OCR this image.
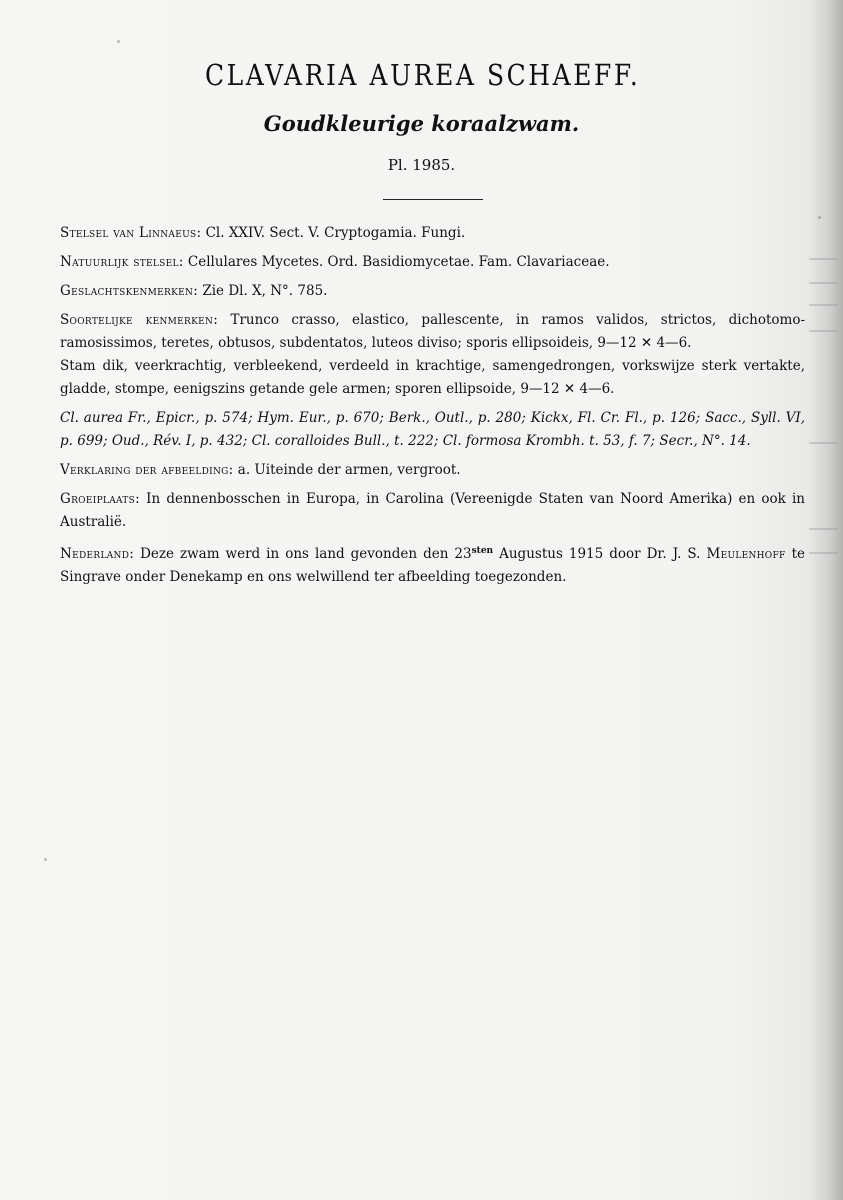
CLAVARIA AUREA SCHAEFF.
Goudkleurige koraalzwam.
Pl. 1985.

Stelsel van Linnaeus: Cl. XXIV. Sect. V. Cryptogamia. Fungi.

Natuurlijk stelsel: Cellulares Mycetes. Ord. Basidiomycetae. Fam. Clavariaceae.

Geslachtskenmerken: Zie Dl. X, N°. 785.

Soortelijke kenmerken: Trunco crasso, elastico, pallescente, in ramos validos, strictos, dichotomo-ramosissimos, teretes, obtusos, subdentatos, luteos diviso; sporis ellipsoideis, 9—12 ✕ 4—6.

Stam dik, veerkrachtig, verbleekend, verdeeld in krachtige, samengedrongen, vorkswijze sterk vertakte, gladde, stompe, eenigszins getande gele armen; sporen ellipsoide, 9—12 ✕ 4—6.

Cl. aurea Fr., Epicr., p. 574; Hym. Eur., p. 670; Berk., Outl., p. 280; Kickx, Fl. Cr. Fl., p. 126; Sacc., Syll. VI, p. 699; Oud., Rév. I, p. 432; Cl. coralloides Bull., t. 222; Cl. formosa Krombh. t. 53, f. 7; Secr., N°. 14.

Verklaring der afbeelding: a. Uiteinde der armen, vergroot.

Groeiplaats: In dennenbosschen in Europa, in Carolina (Vereenigde Staten van Noord Amerika) en ook in Australië.

Nederland: Deze zwam werd in ons land gevonden den $23^{sten}$ Augustus 1915 door Dr. J. S. Meulenhoff te Singrave onder Denekamp en ons welwillend ter afbeelding toegezonden.
